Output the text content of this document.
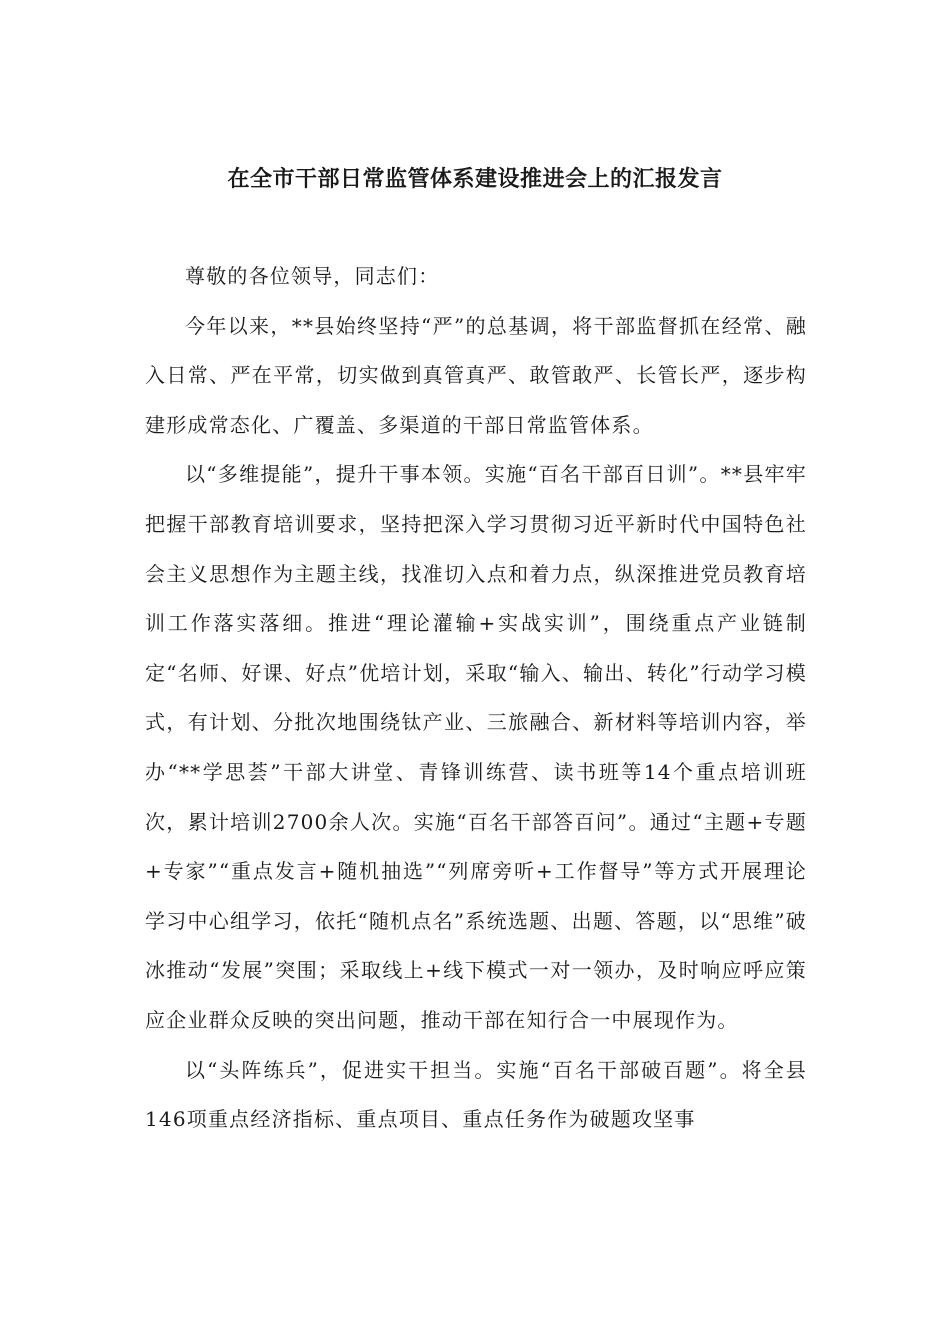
在全市干部日常监管体系建设推进会上的汇报发言

尊敬的各位领导，同志们：

今年以来，**县始终坚持“严”的总基调，将干部监督抓在经常、融入日常、严在平常，切实做到真管真严、敢管敢严、长管长严，逐步构建形成常态化、广覆盖、多渠道的干部日常监管体系。

以“多维提能”，提升干事本领。实施“百名干部百日训”。**县牢牢把握干部教育培训要求，坚持把深入学习贯彻习近平新时代中国特色社会主义思想作为主题主线，找准切入点和着力点，纵深推进党员教育培训工作落实落细。推进“理论灌输+实战实训”，围绕重点产业链制定“名师、好课、好点”优培计划，采取“输入、输出、转化”行动学习模式，有计划、分批次地围绕钛产业、三旅融合、新材料等培训内容，举办“**学思荟”干部大讲堂、青锋训练营、读书班等14个重点培训班次，累计培训2700余人次。实施“百名干部答百问”。通过“主题+专题+专家”“重点发言+随机抽选”“列席旁听+工作督导”等方式开展理论学习中心组学习，依托“随机点名”系统选题、出题、答题，以“思维”破冰推动“发展”突围；采取线上+线下模式一对一领办，及时响应呼应策应企业群众反映的突出问题，推动干部在知行合一中展现作为。

以“头阵练兵”，促进实干担当。实施“百名干部破百题”。将全县146项重点经济指标、重点项目、重点任务作为破题攻坚事
